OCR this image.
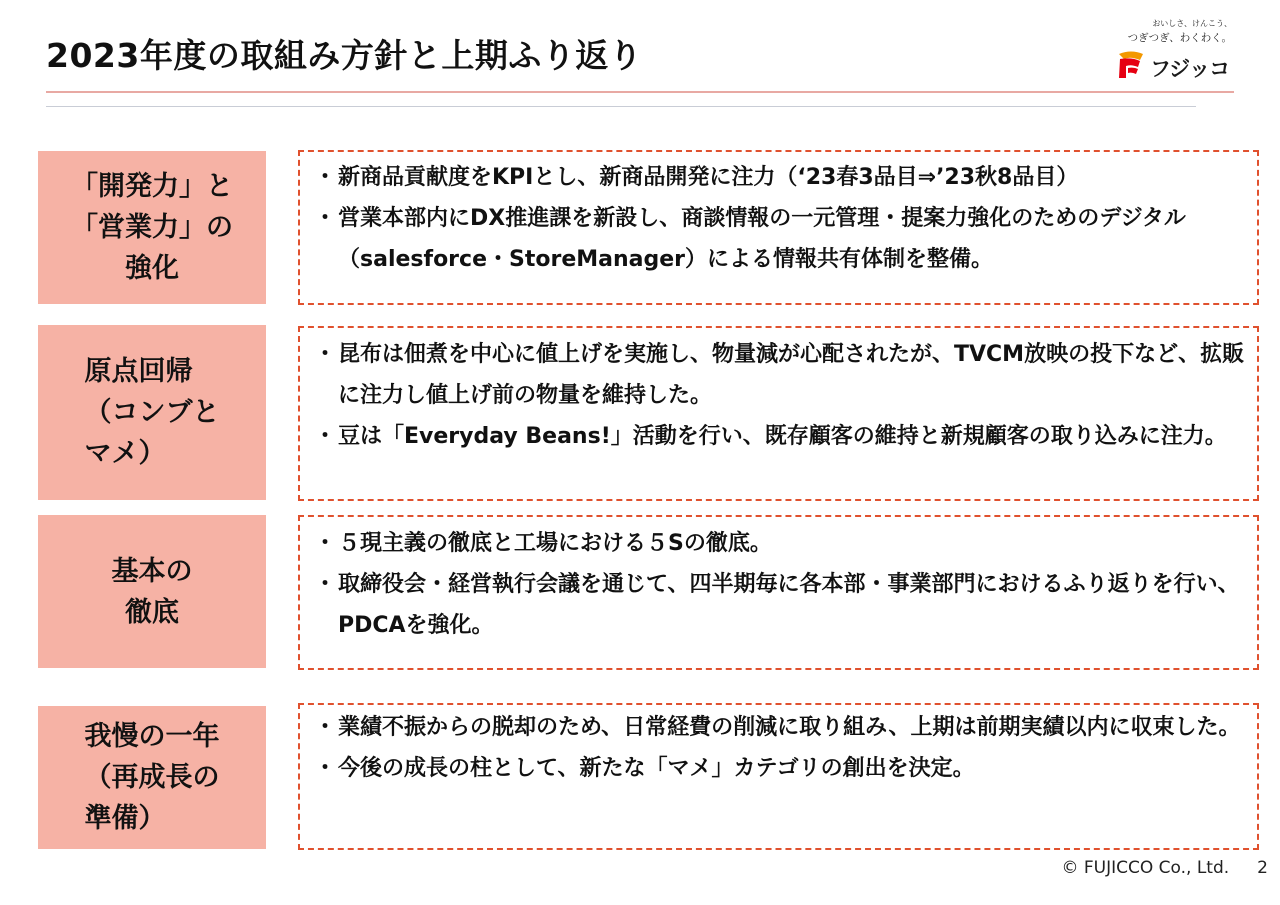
2023年度の取組み方針と上期ふり返り
おいしさ、けんこう、
つぎつぎ、わくわく。
フジッコ
「開発力」と
「営業力」の
強化
・ 新商品貢献度をKPIとし、新商品開発に注力（‘23春3品目⇒’23秋8品目）
・ 営業本部内にDX推進課を新設し、商談情報の一元管理・提案力強化のためのデジタル（salesforce・StoreManager）による情報共有体制を整備。
原点回帰
（コンブと
マメ）
・ 昆布は佃煮を中心に値上げを実施し、物量減が心配されたが、TVCM放映の投下など、拡販に注力し値上げ前の物量を維持した。
・ 豆は「Everyday Beans!」活動を行い、既存顧客の維持と新規顧客の取り込みに注力。
基本の
徹底
・ ５現主義の徹底と工場における５Sの徹底。
・ 取締役会・経営執行会議を通じて、四半期毎に各本部・事業部門におけるふり返りを行い、PDCAを強化。
我慢の一年
（再成長の
準備）
・ 業績不振からの脱却のため、日常経費の削減に取り組み、上期は前期実績以内に収束した。
・ 今後の成長の柱として、新たな「マメ」カテゴリの創出を決定。
© FUJICCO Co., Ltd. 2
